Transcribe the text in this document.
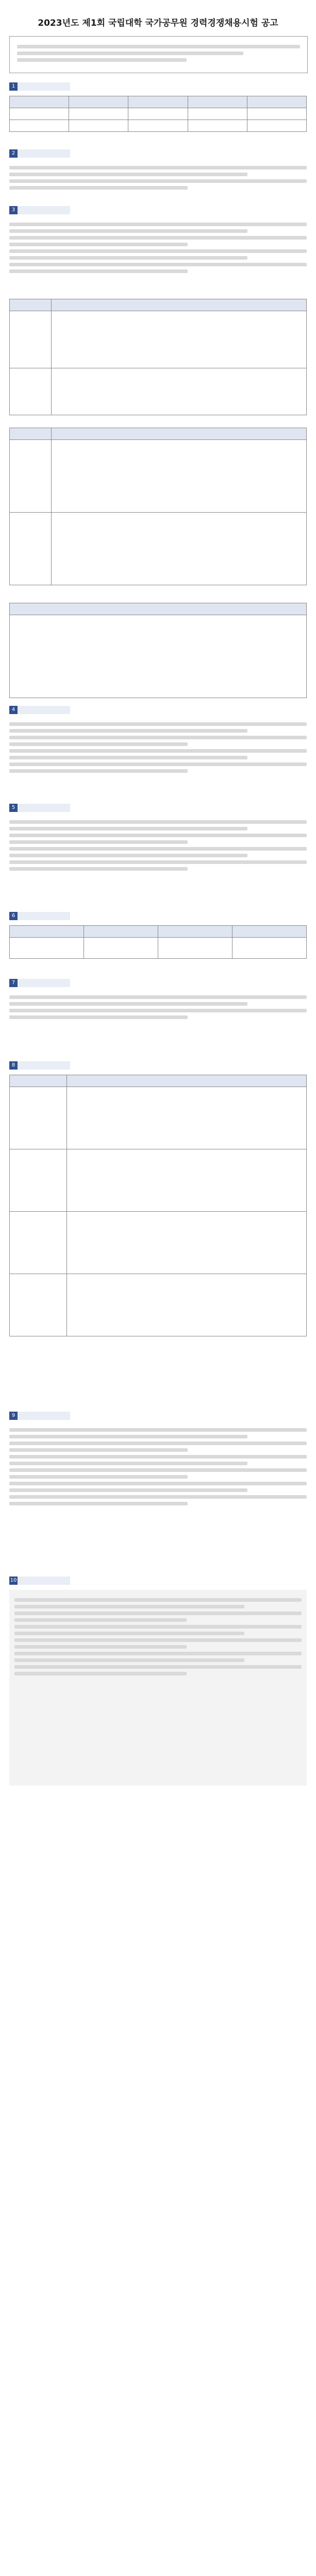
2023년도 제1회 국립대학 국가공무원 경력경쟁채용시험 공고
1

2
3

4
5
6

7
8

9
10
